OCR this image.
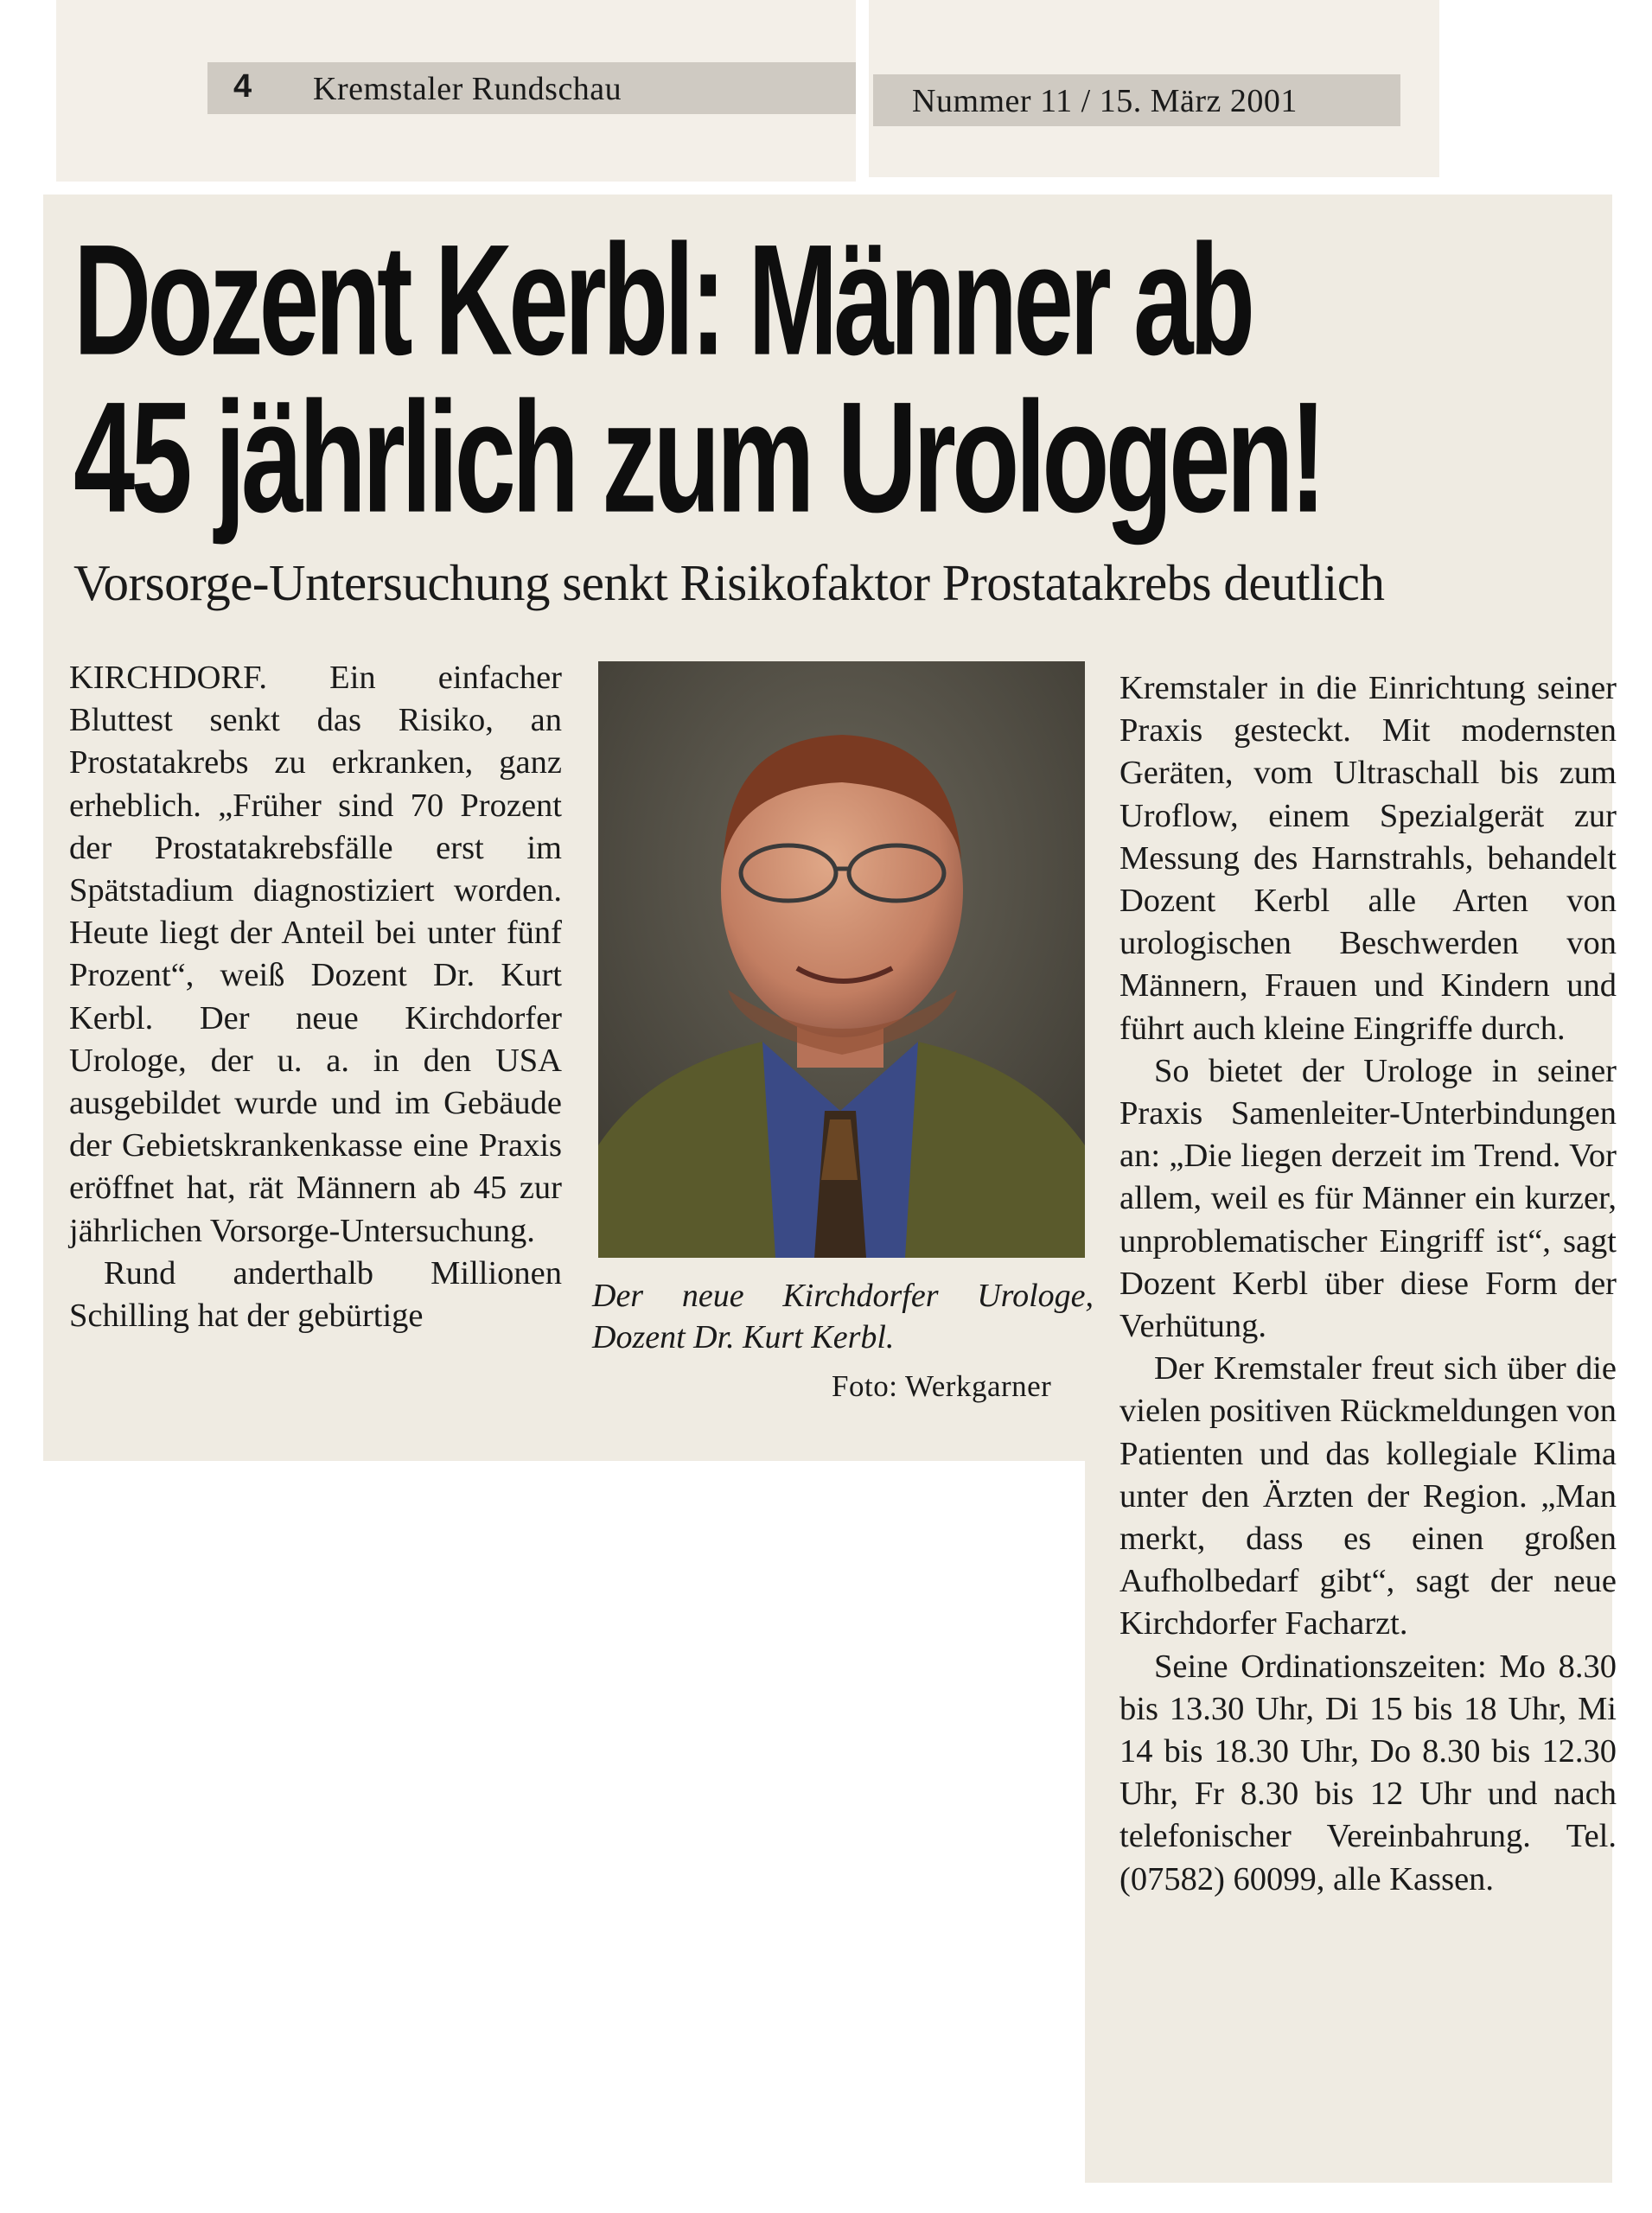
4 Kremstaler Rundschau	Nummer 11 / 15. März 2001
Dozent Kerbl: Männer ab
45 jährlich zum Urologen!
Vorsorge-Untersuchung senkt Risikofaktor Prostatakrebs deutlich

KIRCHDORF. Ein einfacher Bluttest senkt das Risiko, an Prostatakrebs zu erkranken, ganz erheblich. „Früher sind 70 Prozent der Prostatakrebsfälle erst im Spätstadium diagnostiziert worden. Heute liegt der Anteil bei unter fünf Prozent“, weiß Dozent Dr. Kurt Kerbl. Der neue Kirchdorfer Urologe, der u. a. in den USA ausgebildet wurde und im Gebäude der Gebietskrankenkasse eine Praxis eröffnet hat, rät Männern ab 45 zur jährlichen Vorsorge-Untersuchung.

Rund anderthalb Millionen Schilling hat der gebürtige

Der neue Kirchdorfer Urologe, Dozent Dr. Kurt Kerbl.
Foto: Werkgarner

Kremstaler in die Einrichtung seiner Praxis gesteckt. Mit modernsten Geräten, vom Ultraschall bis zum Uroflow, einem Spezialgerät zur Messung des Harnstrahls, behandelt Dozent Kerbl alle Arten von urologischen Beschwerden von Männern, Frauen und Kindern und führt auch kleine Eingriffe durch.

So bietet der Urologe in seiner Praxis Samenleiter-Unterbindungen an: „Die liegen derzeit im Trend. Vor allem, weil es für Männer ein kurzer, unproblematischer Eingriff ist“, sagt Dozent Kerbl über diese Form der Verhütung.

Der Kremstaler freut sich über die vielen positiven Rückmeldungen von Patienten und das kollegiale Klima unter den Ärzten der Region. „Man merkt, dass es einen großen Aufholbedarf gibt“, sagt der neue Kirchdorfer Facharzt.

Seine Ordinationszeiten: Mo 8.30 bis 13.30 Uhr, Di 15 bis 18 Uhr, Mi 14 bis 18.30 Uhr, Do 8.30 bis 12.30 Uhr, Fr 8.30 bis 12 Uhr und nach telefonischer Vereinbahrung. Tel. (07582) 60099, alle Kassen.
